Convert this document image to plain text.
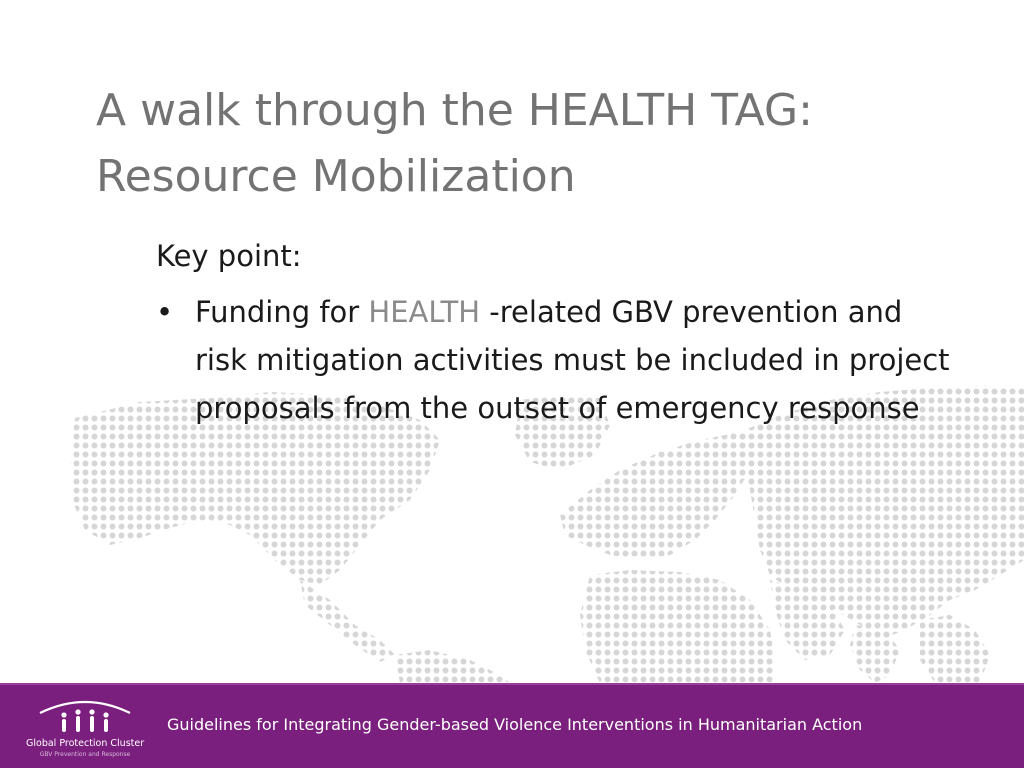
A walk through the HEALTH TAG:
Resource Mobilization

Key point:

• Funding for HEALTH -related GBV prevention and risk mitigation activities must be included in project proposals from the outset of emergency response
Global Protection Cluster
GBV Prevention and Response
Guidelines for Integrating Gender-based Violence Interventions in Humanitarian Action
